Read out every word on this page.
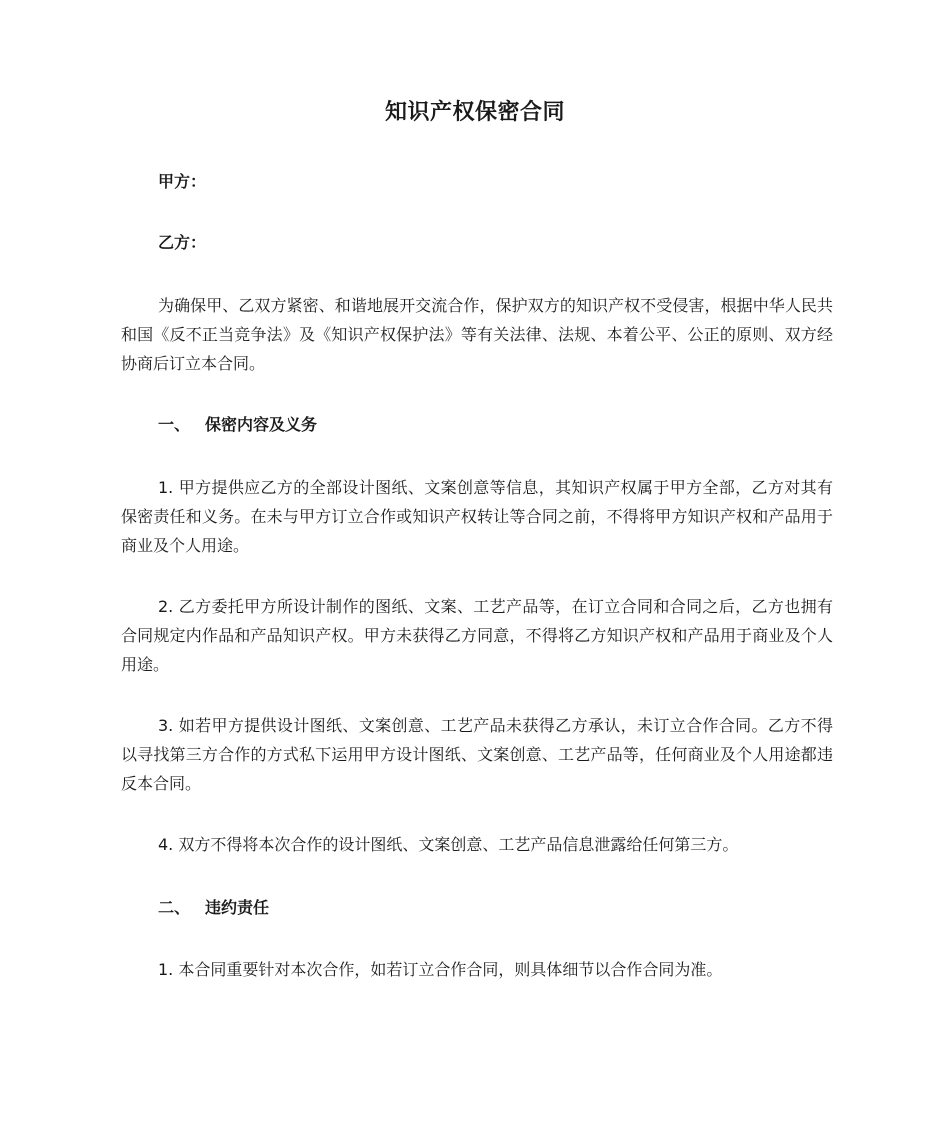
知识产权保密合同
甲方：
乙方：

为确保甲、乙双方紧密、和谐地展开交流合作，保护双方的知识产权不受侵害，根据中华人民共和国《反不正当竞争法》及《知识产权保护法》等有关法律、法规、本着公平、公正的原则、双方经协商后订立本合同。

一、 保密内容及义务

1. 甲方提供应乙方的全部设计图纸、文案创意等信息，其知识产权属于甲方全部，乙方对其有保密责任和义务。在未与甲方订立合作或知识产权转让等合同之前，不得将甲方知识产权和产品用于商业及个人用途。

2. 乙方委托甲方所设计制作的图纸、文案、工艺产品等，在订立合同和合同之后，乙方也拥有合同规定内作品和产品知识产权。甲方未获得乙方同意，不得将乙方知识产权和产品用于商业及个人用途。

3. 如若甲方提供设计图纸、文案创意、工艺产品未获得乙方承认，未订立合作合同。乙方不得以寻找第三方合作的方式私下运用甲方设计图纸、文案创意、工艺产品等，任何商业及个人用途都违反本合同。

4. 双方不得将本次合作的设计图纸、文案创意、工艺产品信息泄露给任何第三方。

二、 违约责任

1. 本合同重要针对本次合作，如若订立合作合同，则具体细节以合作合同为准。
